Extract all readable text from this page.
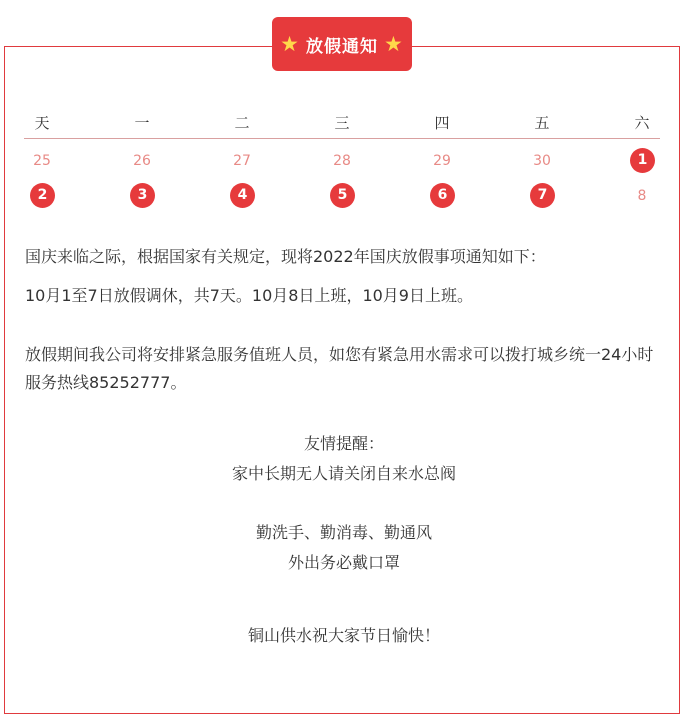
★ 放假通知 ★
天	一	二	三	四	五	六
25	26	27	28	29	30	1
2	3	4	5	6	7	8

国庆来临之际，根据国家有关规定，现将2022年国庆放假事项通知如下：

10月1至7日放假调休，共7天。10月8日上班，10月9日上班。

放假期间我公司将安排紧急服务值班人员，如您有紧急用水需求可以拨打城乡统一24小时服务热线85252777。

友情提醒：
家中长期无人请关闭自来水总阀
勤洗手、勤消毒、勤通风
外出务必戴口罩
铜山供水祝大家节日愉快！
